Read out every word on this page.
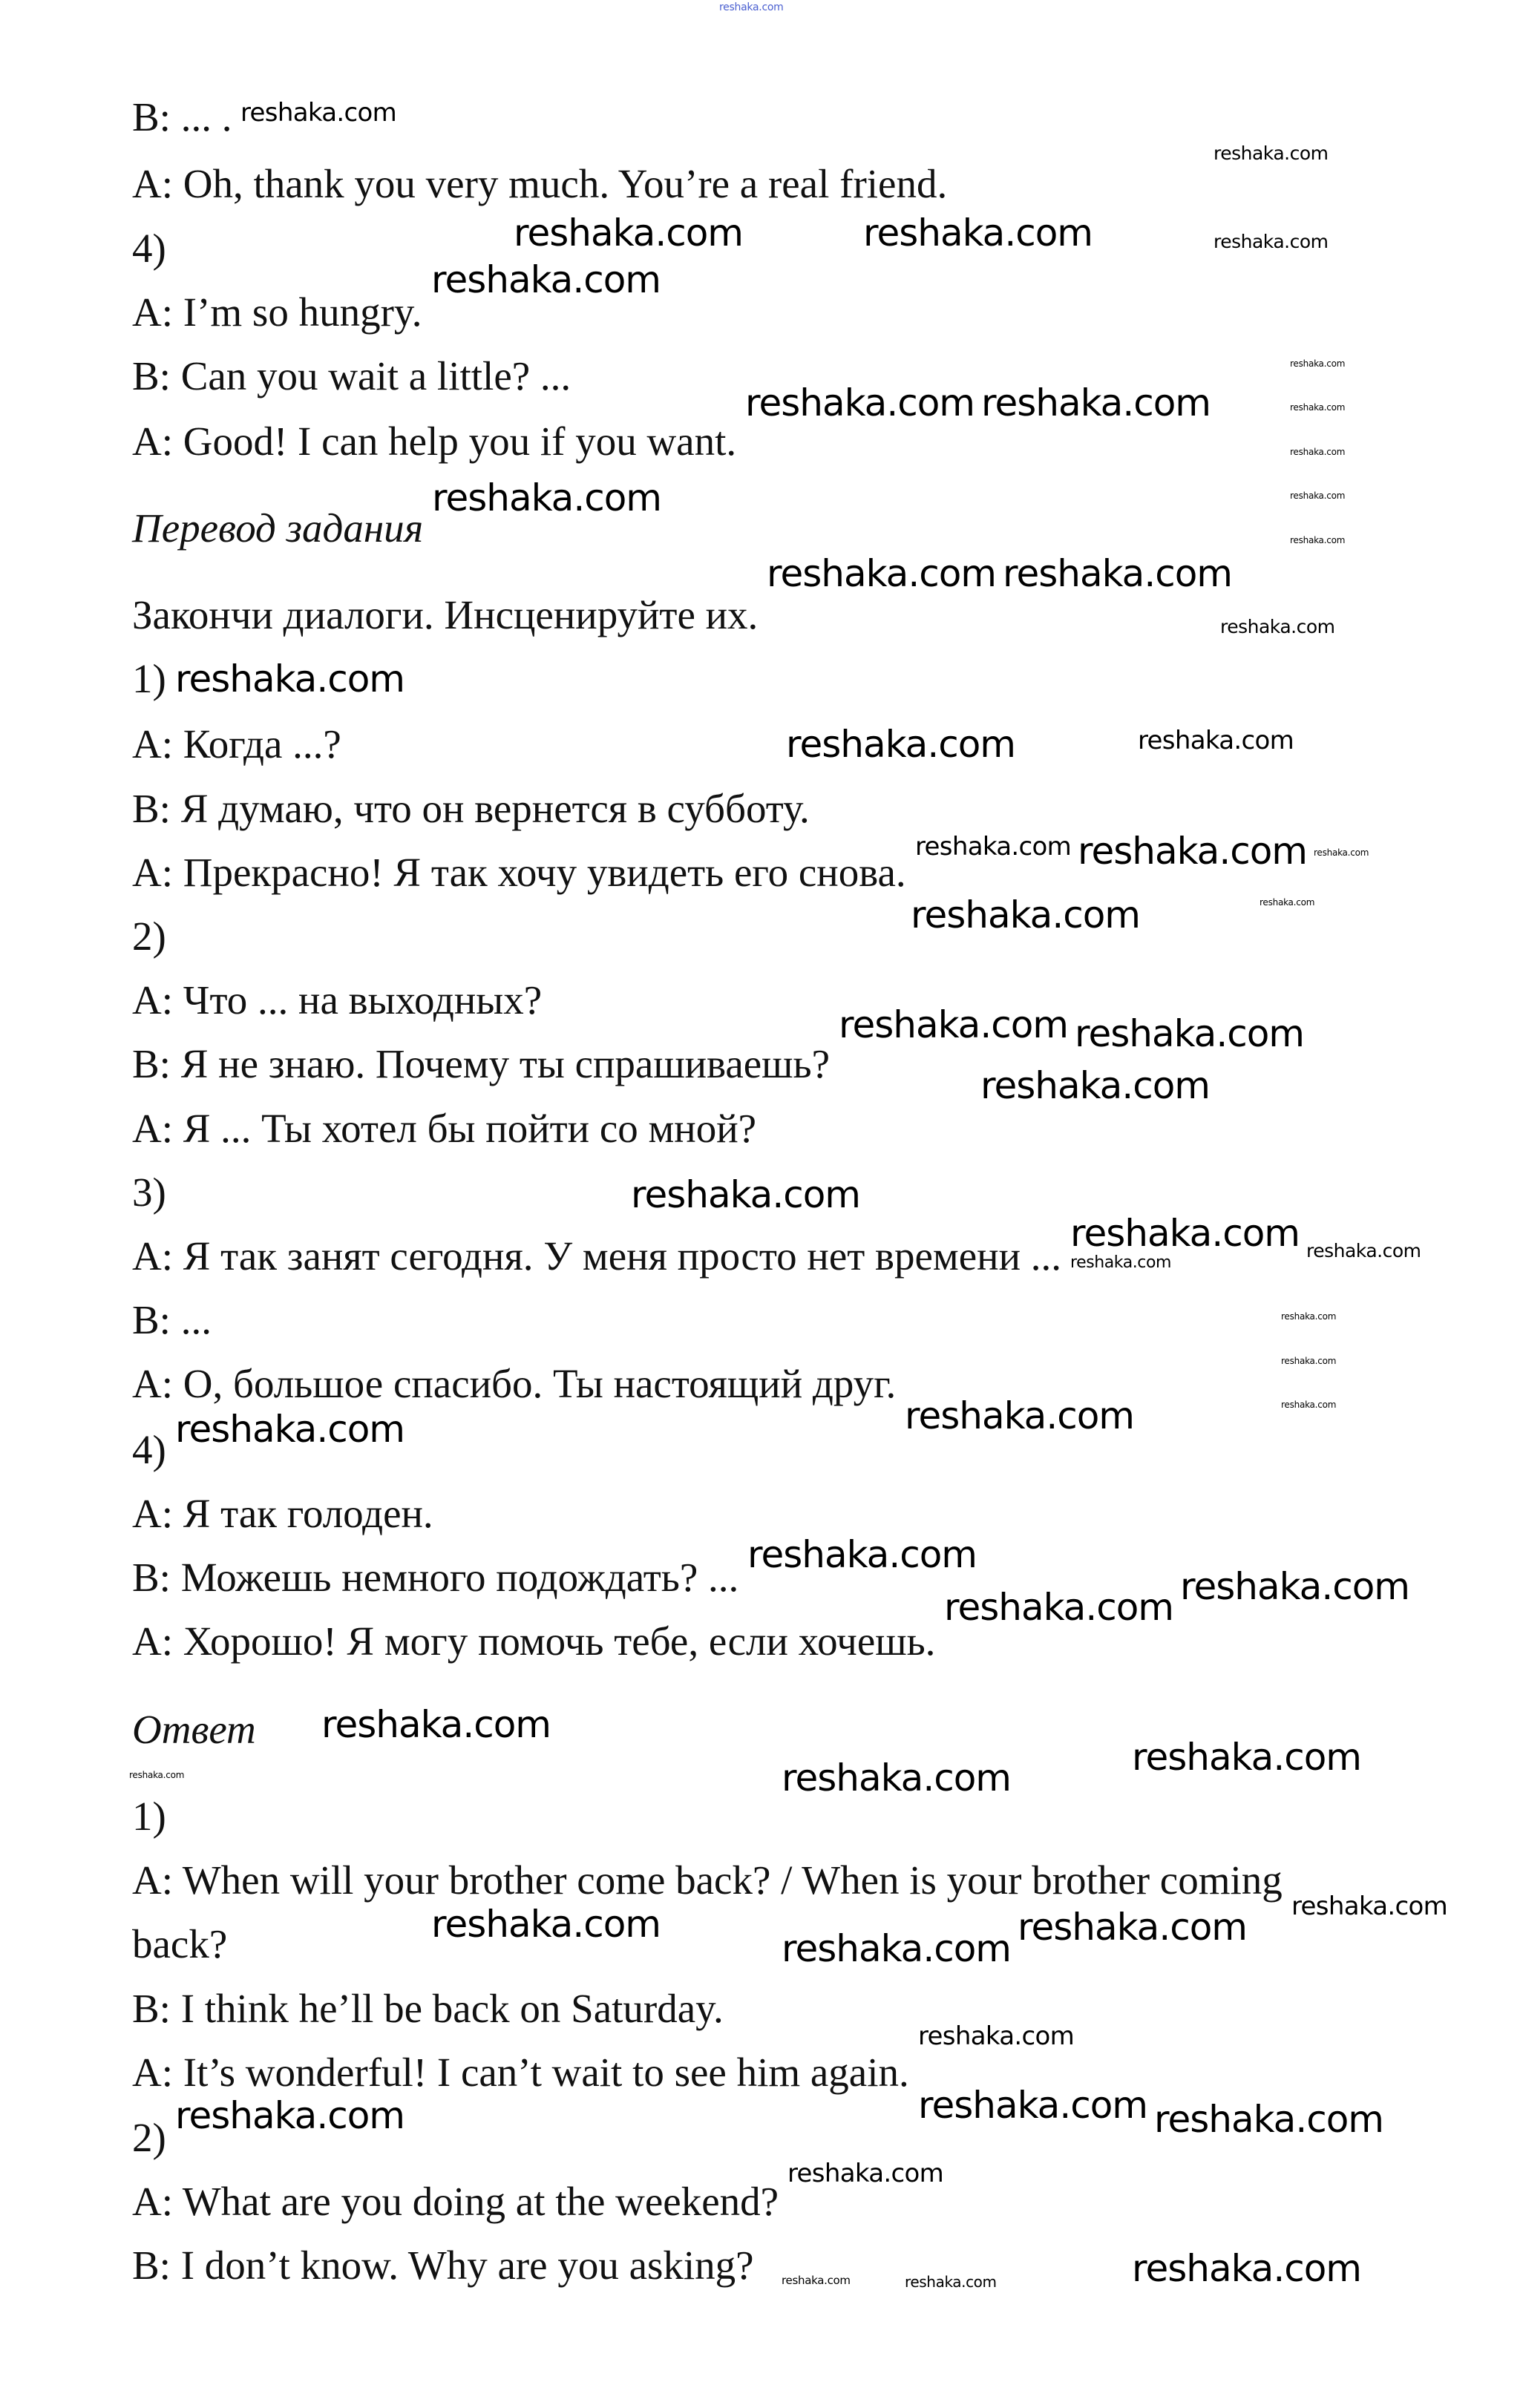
B: ... .
A: Oh, thank you very much. You’re a real friend.
4)
A: I’m so hungry.
B: Can you wait a little? ...
A: Good! I can help you if you want.
Перевод задания
Закончи диалоги. Инсценируйте их.
1)
A: Когда ...?
B: Я думаю, что он вернется в субботу.
A: Прекрасно! Я так хочу увидеть его снова.
2)
A: Что ... на выходных?
B: Я не знаю. Почему ты спрашиваешь?
A: Я ... Ты хотел бы пойти со мной?
3)
A: Я так занят сегодня. У меня просто нет времени ...
B: ...
A: О, большое спасибо. Ты настоящий друг.
4)
A: Я так голоден.
B: Можешь немного подождать? ...
A: Хорошо! Я могу помочь тебе, если хочешь.
Ответ
1)
A: When will your brother come back? / When is your brother coming
back?
B: I think he’ll be back on Saturday.
A: It’s wonderful! I can’t wait to see him again.
2)
A: What are you doing at the weekend?
B: I don’t know. Why are you asking?
reshaka.com
reshaka.com
reshaka.com
reshaka.com	reshaka.com	reshaka.com
reshaka.com
reshaka.com
reshaka.com
reshaka.com
reshaka.com
reshaka.com
reshaka.com reshaka.com
reshaka.com
reshaka.com reshaka.com
reshaka.com
reshaka.com
reshaka.com	reshaka.com
reshaka.com reshaka.com reshaka.com
reshaka.com
reshaka.com
reshaka.com reshaka.com
reshaka.com
reshaka.com
reshaka.com reshaka.com
reshaka.com
reshaka.com
reshaka.com
reshaka.com
reshaka.com
reshaka.com
reshaka.com
reshaka.com reshaka.com
reshaka.com
reshaka.com	reshaka.com	reshaka.com
reshaka.com
reshaka.com
reshaka.com reshaka.com
reshaka.com
reshaka.com reshaka.com
reshaka.com
reshaka.com
reshaka.com	reshaka.com	reshaka.com
